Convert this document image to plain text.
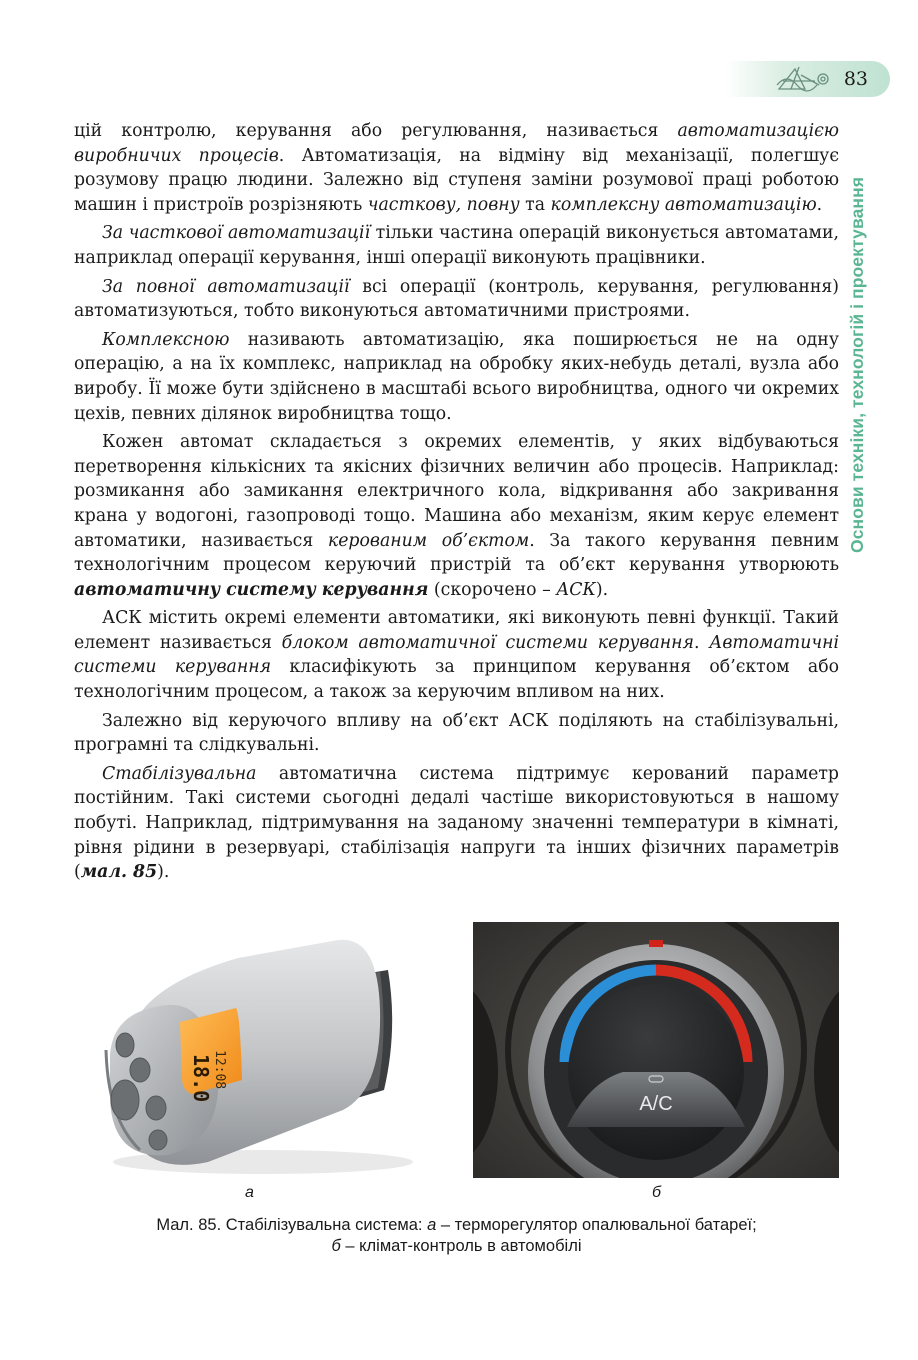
83
Основи техніки, технологій і проектування

цій контролю, керування або регулювання, називається автоматизацією виробничих процесів. Автоматизація, на відміну від механізації, полегшує розумову працю людини. Залежно від ступеня заміни розумової праці роботою машин і пристроїв розрізняють часткову, повну та комплексну автоматизацію.

За часткової автоматизації тільки частина операцій виконується автоматами, наприклад операції керування, інші операції виконують працівники.

За повної автоматизації всі операції (контроль, керування, регулювання) автоматизуються, тобто виконуються автоматичними пристроями.

Комплексною називають автоматизацію, яка поширюється не на одну операцію, а на їх комплекс, наприклад на обробку яких-небудь деталі, вузла або виробу. Її може бути здійснено в масштабі всього виробництва, одного чи окремих цехів, певних ділянок виробництва тощо.

Кожен автомат складається з окремих елементів, у яких відбуваються перетворення кількісних та якісних фізичних величин або процесів. Наприклад: розмикання або замикання електричного кола, відкривання або закривання крана у водогоні, газопроводі тощо. Машина або механізм, яким керує елемент автоматики, називається керованим об’єктом. За такого керування певним технологічним процесом керуючий пристрій та об’єкт керування утворюють автоматичну систему керування (скорочено – АСК).

АСК містить окремі елементи автоматики, які виконують певні функції. Такий елемент називається блоком автоматичної системи керування. Автоматичні системи керування класифікують за принципом керування об’єктом або технологічним процесом, а також за керуючим впливом на них.

Залежно від керуючого впливу на об’єкт АСК поділяють на стабілізувальні, програмні та слідкувальні.

Стабілізувальна автоматична система підтримує керований параметр постійним. Такі системи сьогодні дедалі частіше використовуються в нашому побуті. Наприклад, підтримування на заданому значенні температури в кімнаті, рівня рідини в резервуарі, стабілізація напруги та інших фізичних параметрів (мал. 85).

12:08
18.0
а
A/C
б
Мал. 85. Стабілізувальна система: а – терморегулятор опалювальної батареї;
б – клімат-контроль в автомобілі
